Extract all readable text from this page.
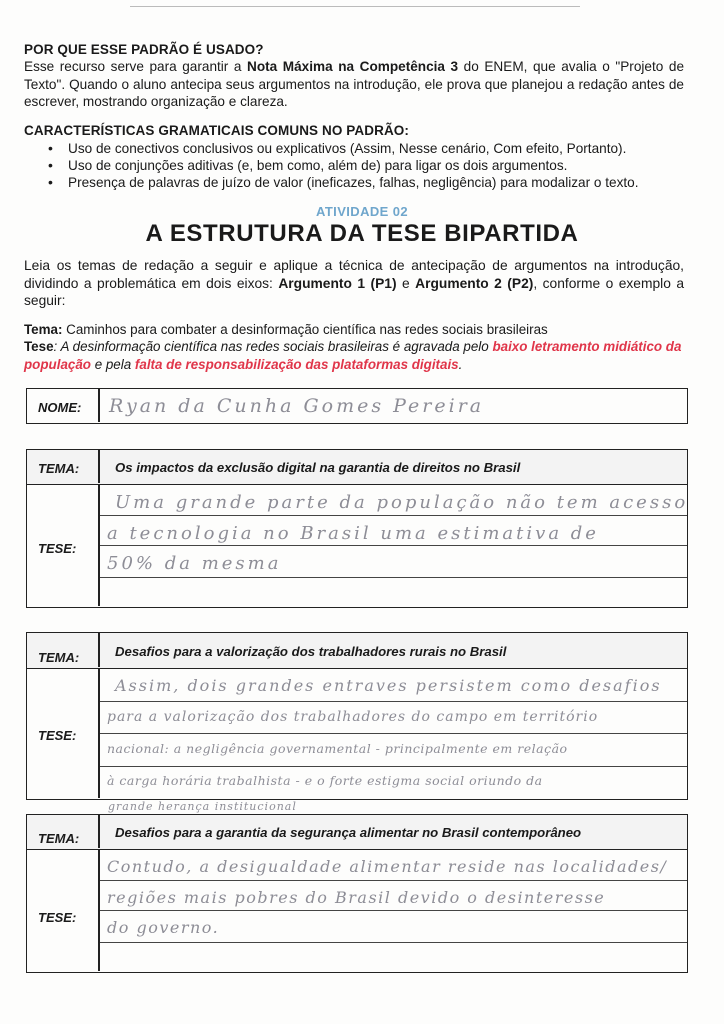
POR QUE ESSE PADRÃO É USADO?
Esse recurso serve para garantir a Nota Máxima na Competência 3 do ENEM, que avalia o "Projeto de Texto". Quando o aluno antecipa seus argumentos na introdução, ele prova que planejou a redação antes de escrever, mostrando organização e clareza.
CARACTERÍSTICAS GRAMATICAIS COMUNS NO PADRÃO:
• Uso de conectivos conclusivos ou explicativos (Assim, Nesse cenário, Com efeito, Portanto).
• Uso de conjunções aditivas (e, bem como, além de) para ligar os dois argumentos.
• Presença de palavras de juízo de valor (ineficazes, falhas, negligência) para modalizar o texto.
ATIVIDADE 02
A ESTRUTURA DA TESE BIPARTIDA
Leia os temas de redação a seguir e aplique a técnica de antecipação de argumentos na introdução, dividindo a problemática em dois eixos: Argumento 1 (P1) e Argumento 2 (P2), conforme o exemplo a seguir:
Tema: Caminhos para combater a desinformação científica nas redes sociais brasileiras
Tese: A desinformação científica nas redes sociais brasileiras é agravada pelo baixo letramento midiático da população e pela falta de responsabilização das plataformas digitais.
NOME: Ryan da Cunha Gomes Pereira
TEMA:	Os impactos da exclusão digital na garantia de direitos no Brasil
TESE:
Uma grande parte da população não tem acesso
a tecnologia no Brasil uma estimativa de
50% da mesma
TEMA:	Desafios para a valorização dos trabalhadores rurais no Brasil
TESE:
Assim, dois grandes entraves persistem como desafios
para a valorização dos trabalhadores do campo em território
nacional: a negligência governamental - principalmente em relação
à carga horária trabalhista - e o forte estigma social oriundo da
grande herança institucional
TEMA:	Desafios para a garantia da segurança alimentar no Brasil contemporâneo
TESE:
Contudo, a desigualdade alimentar reside nas localidades/
regiões mais pobres do Brasil devido o desinteresse
do governo.
